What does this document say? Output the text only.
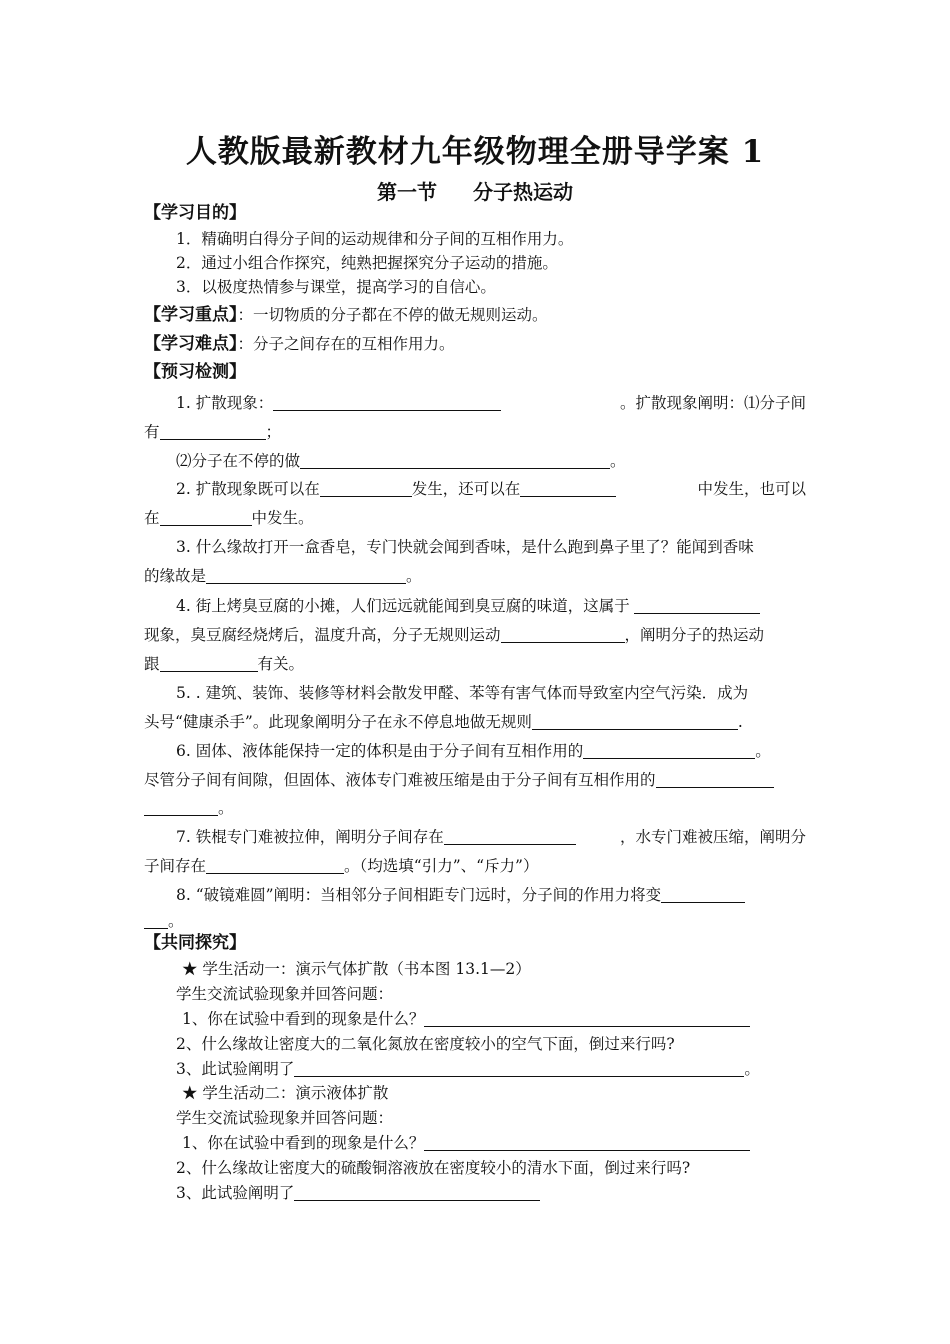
人教版最新教材九年级物理全册导学案 1
第一节 分子热运动
【学习目的】
1．精确明白得分子间的运动规律和分子间的互相作用力。
2．通过小组合作探究，纯熟把握探究分子运动的措施。
3．以极度热情参与课堂，提高学习的自信心。
【学习重点】：一切物质的分子都在不停的做无规则运动。
【学习难点】：分子之间存在的互相作用力。
【预习检测】
1. 扩散现象：	。扩散现象阐明：⑴分子间
有	；
⑵分子在不停的做	。
2. 扩散现象既可以在	发生，还可以在	中发生，也可以
在	中发生。
3. 什么缘故打开一盒香皂，专门快就会闻到香味，是什么跑到鼻子里了？能闻到香味
的缘故是	。
4. 街上烤臭豆腐的小摊，人们远远就能闻到臭豆腐的味道，这属于
现象，臭豆腐经烧烤后，温度升高，分子无规则运动	，阐明分子的热运动
跟	有关。
5. . 建筑、装饰、装修等材料会散发甲醛、苯等有害气体而导致室内空气污染．成为
头号“健康杀手”。此现象阐明分子在永不停息地做无规则	.
6. 固体、液体能保持一定的体积是由于分子间有互相作用的	。
尽管分子间有间隙，但固体、液体专门难被压缩是由于分子间有互相作用的
。
7. 铁棍专门难被拉伸，阐明分子间存在	，水专门难被压缩，阐明分
子间存在	。（均选填“引力”、“斥力”）
8. “破镜难圆”阐明：当相邻分子间相距专门远时，分子间的作用力将变
。
【共同探究】
★ 学生活动一：演示气体扩散（书本图 13.1—2）
学生交流试验现象并回答问题：
1、你在试验中看到的现象是什么？
2、什么缘故让密度大的二氧化氮放在密度较小的空气下面，倒过来行吗?
3、此试验阐明了	。
★ 学生活动二：演示液体扩散
学生交流试验现象并回答问题：
1、你在试验中看到的现象是什么？
2、什么缘故让密度大的硫酸铜溶液放在密度较小的清水下面，倒过来行吗?
3、此试验阐明了
